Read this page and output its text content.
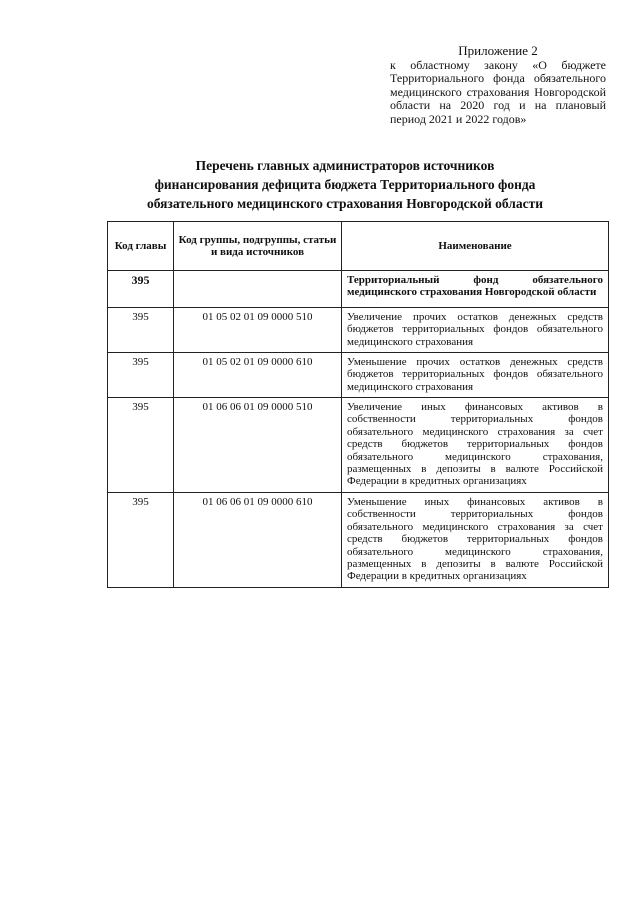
Приложение 2
к областному закону «О бюджете Территориального фонда обязательного медицинского страхования Новгородской области на 2020 год и на плановый период 2021 и 2022 годов»
Перечень главных администраторов источников
финансирования дефицита бюджета Территориального фонда
обязательного медицинского страхования Новгородской области
Код главы	Код группы, подгруппы, статьи и вида источников	Наименование
395		Территориальный фонд обязательного медицинского страхования Новгородской области
395	01 05 02 01 09 0000 510	Увеличение прочих остатков денежных средств бюджетов территориальных фондов обязательного медицинского страхования
395	01 05 02 01 09 0000 610	Уменьшение прочих остатков денежных средств бюджетов территориальных фондов обязательного медицинского страхования
395	01 06 06 01 09 0000 510	Увеличение иных финансовых активов в собственности территориальных фондов обязательного медицинского страхования за счет средств бюджетов территориальных фондов обязательного медицинского страхования, размещенных в депозиты в валюте Российской Федерации в кредитных организациях
395	01 06 06 01 09 0000 610	Уменьшение иных финансовых активов в собственности территориальных фондов обязательного медицинского страхования за счет средств бюджетов территориальных фондов обязательного медицинского страхования, размещенных в депозиты в валюте Российской Федерации в кредитных организациях
